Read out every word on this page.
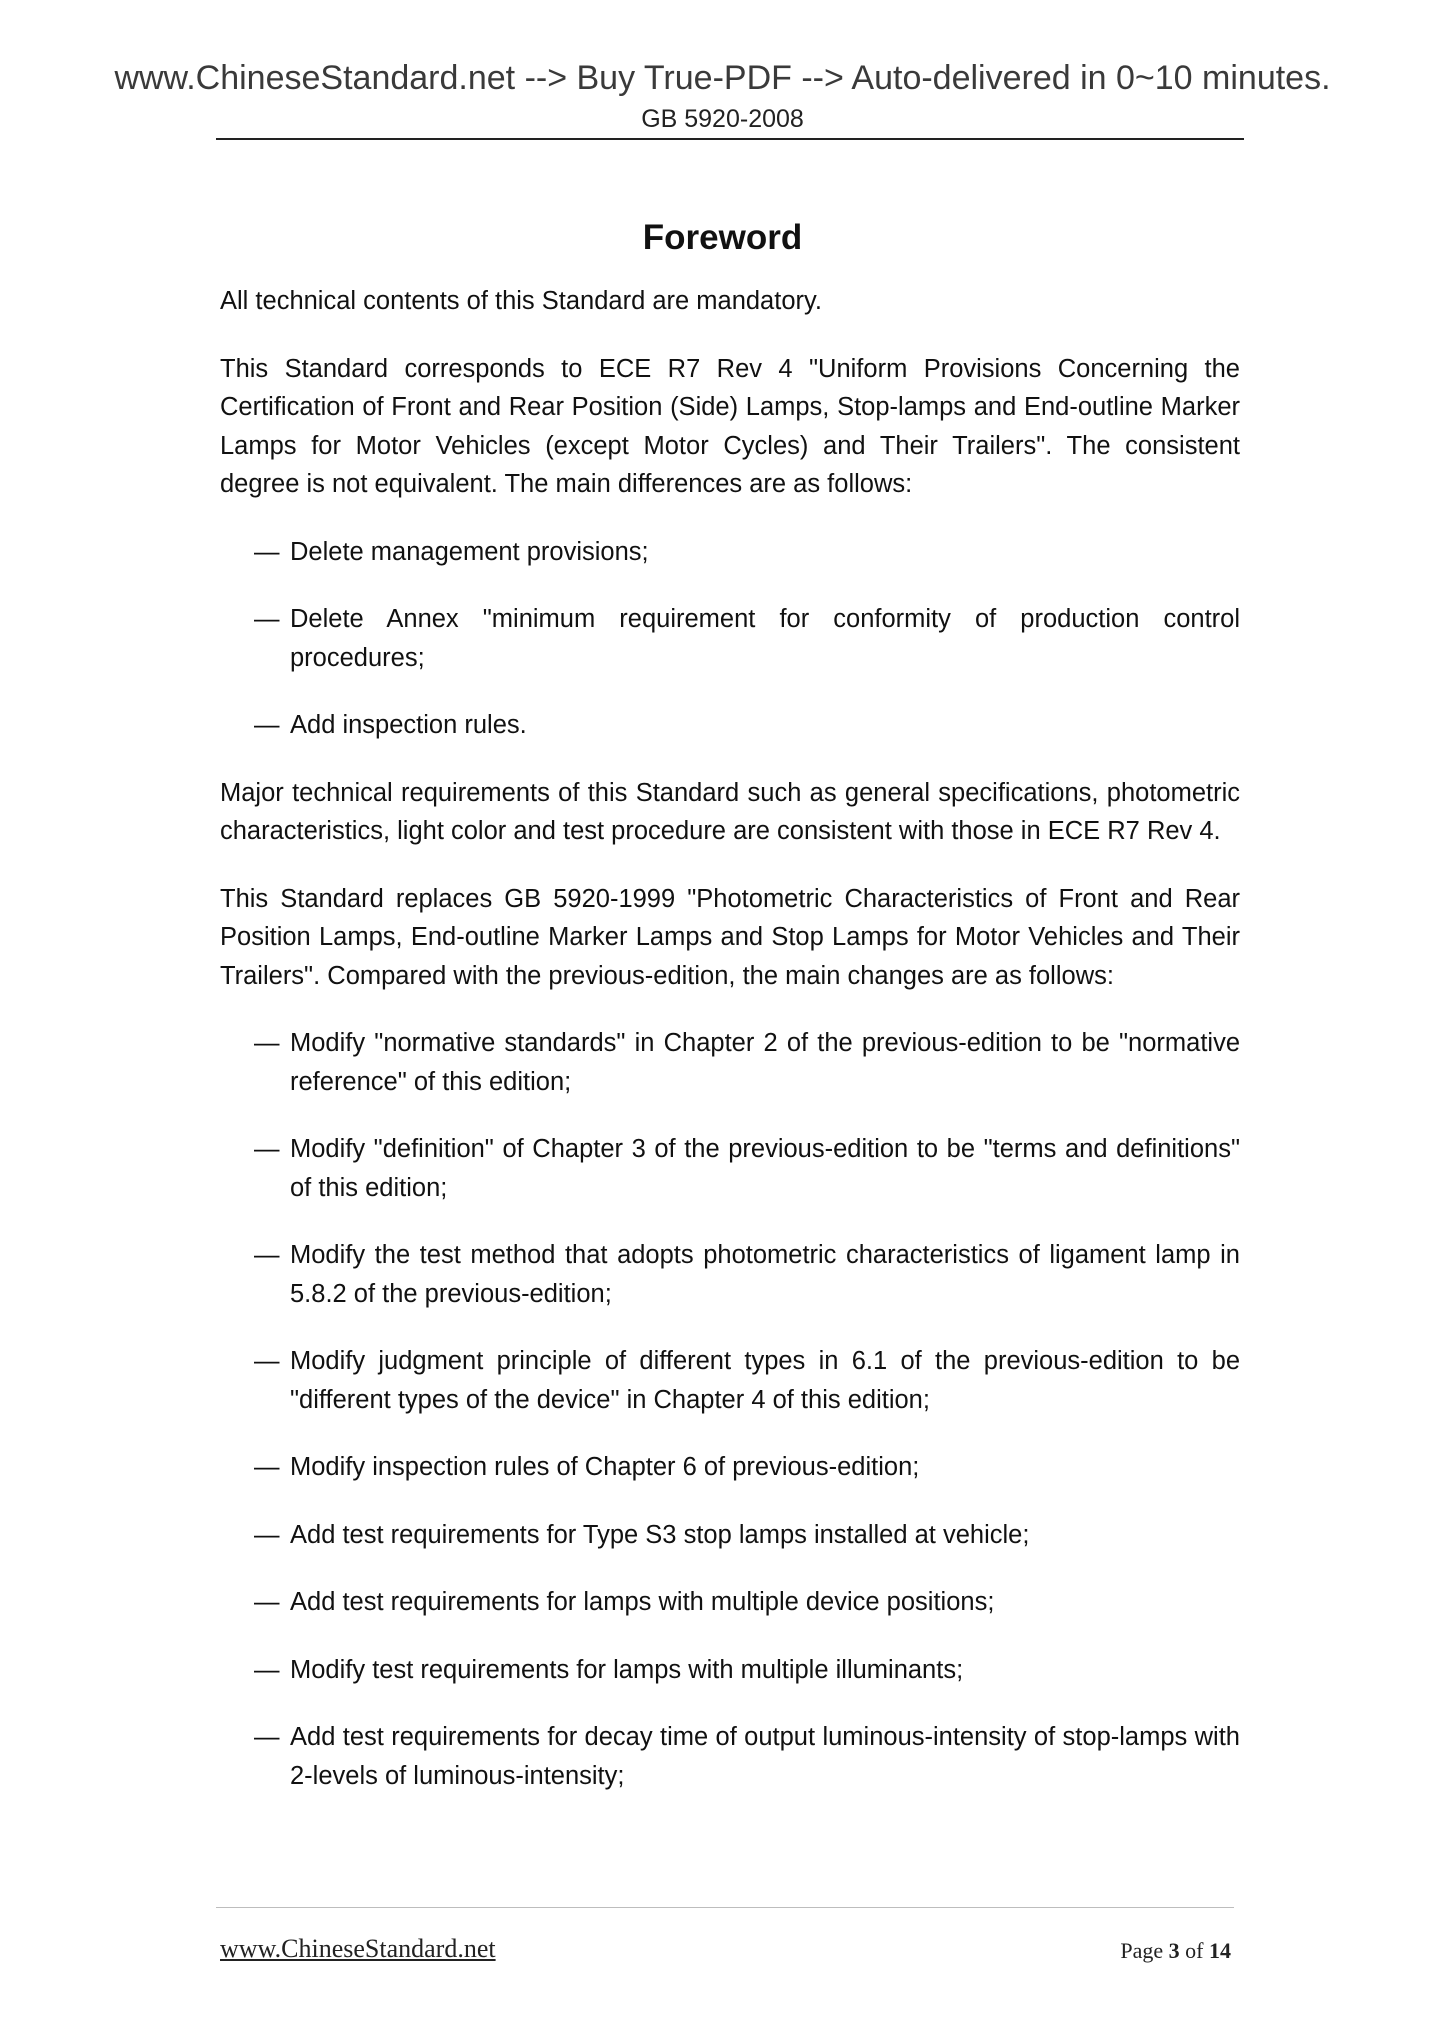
www.ChineseStandard.net --> Buy True-PDF --> Auto-delivered in 0~10 minutes.
GB 5920-2008
Foreword

All technical contents of this Standard are mandatory.

This Standard corresponds to ECE R7 Rev 4 "Uniform Provisions Concerning the Certification of Front and Rear Position (Side) Lamps, Stop-lamps and End-outline Marker Lamps for Motor Vehicles (except Motor Cycles) and Their Trailers". The consistent degree is not equivalent. The main differences are as follows:

— Delete management provisions;
— Delete Annex "minimum requirement for conformity of production control procedures;
— Add inspection rules.

Major technical requirements of this Standard such as general specifications, photometric characteristics, light color and test procedure are consistent with those in ECE R7 Rev 4.

This Standard replaces GB 5920-1999 "Photometric Characteristics of Front and Rear Position Lamps, End-outline Marker Lamps and Stop Lamps for Motor Vehicles and Their Trailers". Compared with the previous-edition, the main changes are as follows:

— Modify "normative standards" in Chapter 2 of the previous-edition to be "normative reference" of this edition;
— Modify "definition" of Chapter 3 of the previous-edition to be "terms and definitions" of this edition;
— Modify the test method that adopts photometric characteristics of ligament lamp in 5.8.2 of the previous-edition;
— Modify judgment principle of different types in 6.1 of the previous-edition to be "different types of the device" in Chapter 4 of this edition;
— Modify inspection rules of Chapter 6 of previous-edition;
— Add test requirements for Type S3 stop lamps installed at vehicle;
— Add test requirements for lamps with multiple device positions;
— Modify test requirements for lamps with multiple illuminants;
— Add test requirements for decay time of output luminous-intensity of stop-lamps with 2-levels of luminous-intensity;
www.ChineseStandard.net	Page 3 of 14
